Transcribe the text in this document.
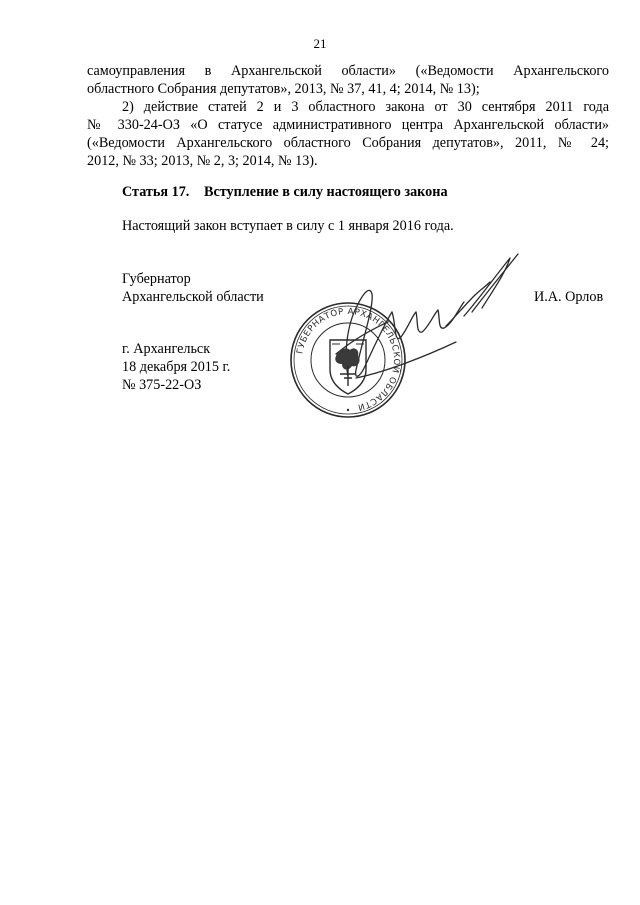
21
самоуправления в Архангельской области» («Ведомости Архангельского
областного Собрания депутатов», 2013, № 37, 41, 4; 2014, № 13);
2) действие статей 2 и 3 областного закона от 30 сентября 2011 года
№ 330-24-ОЗ «О статусе административного центра Архангельской области»
(«Ведомости Архангельского областного Собрания депутатов», 2011, № 24;
2012, № 33; 2013, № 2, 3; 2014, № 13).
Статья 17. Вступление в силу настоящего закона
Настоящий закон вступает в силу с 1 января 2016 года.
Губернатор
Архангельской области	И.А. Орлов
г. Архангельск
18 декабря 2015 г.
№ 375-22-ОЗ
ГУБЕРНАТОР АРХАНГЕЛЬСКОЙ ОБЛАСТИ
